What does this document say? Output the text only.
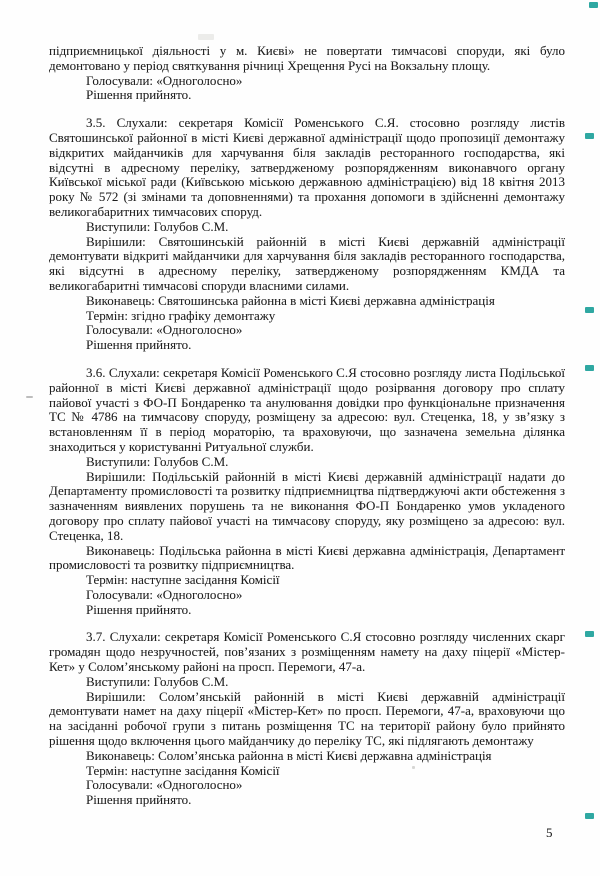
підприємницької діяльності у м. Києві» не повертати тимчасові споруди, які було демонтовано у період святкування річниці Хрещення Русі на Вокзальну площу.

Голосували: «Одноголосно»

Рішення прийнято.

3.5. Слухали: секретаря Комісії Роменського С.Я. стосовно розгляду листів Святошинської районної в місті Києві державної адміністрації щодо пропозиції демонтажу відкритих майданчиків для харчування біля закладів ресторанного господарства, які відсутні в адресному переліку, затвердженому розпорядженням виконавчого органу Київської міської ради (Київською міською державною адміністрацією) від 18 квітня 2013 року № 572 (зі змінами та доповненнями) та прохання допомоги в здійсненні демонтажу великогабаритних тимчасових споруд.

Виступили: Голубов С.М.

Вирішили: Святошинській районній в місті Києві державній адміністрації демонтувати відкриті майданчики для харчування біля закладів ресторанного господарства, які відсутні в адресному переліку, затвердженому розпорядженням КМДА та великогабаритні тимчасові споруди власними силами.

Виконавець: Святошинська районна в місті Києві державна адміністрація

Термін: згідно графіку демонтажу

Голосували: «Одноголосно»

Рішення прийнято.

3.6. Слухали: секретаря Комісії Роменського С.Я стосовно розгляду листа Подільської районної в місті Києві державної адміністрації щодо розірвання договору про сплату пайової участі з ФО-П Бондаренко та анулювання довідки про функціональне призначення ТС № 4786 на тимчасову споруду, розміщену за адресою: вул. Стеценка, 18, у зв’язку з встановленням її в період мораторію, та враховуючи, що зазначена земельна ділянка знаходиться у користуванні Ритуальної служби.

Виступили: Голубов С.М.

Вирішили: Подільській районній в місті Києві державній адміністрації надати до Департаменту промисловості та розвитку підприємництва підтверджуючі акти обстеження з зазначенням виявлених порушень та не виконання ФО-П Бондаренко умов укладеного договору про сплату пайової участі на тимчасову споруду, яку розміщено за адресою: вул. Стеценка, 18.

Виконавець: Подільська районна в місті Києві державна адміністрація, Департамент промисловості та розвитку підприємництва.

Термін: наступне засідання Комісії

Голосували: «Одноголосно»

Рішення прийнято.

3.7. Слухали: секретаря Комісії Роменського С.Я стосовно розгляду численних скарг громадян щодо незручностей, пов’язаних з розміщенням намету на даху піцерії «Містер-Кет» у Солом’янському районі на просп. Перемоги, 47-а.

Виступили: Голубов С.М.

Вирішили: Солом’янській районній в місті Києві державній адміністрації демонтувати намет на даху піцерії «Містер-Кет» по просп. Перемоги, 47-а, враховуючи що на засіданні робочої групи з питань розміщення ТС на території району було прийнято рішення щодо включення цього майданчику до переліку ТС, які підлягають демонтажу

Виконавець: Солом’янська районна в місті Києві державна адміністрація

Термін: наступне засідання Комісії

Голосували: «Одноголосно»

Рішення прийнято.

5
